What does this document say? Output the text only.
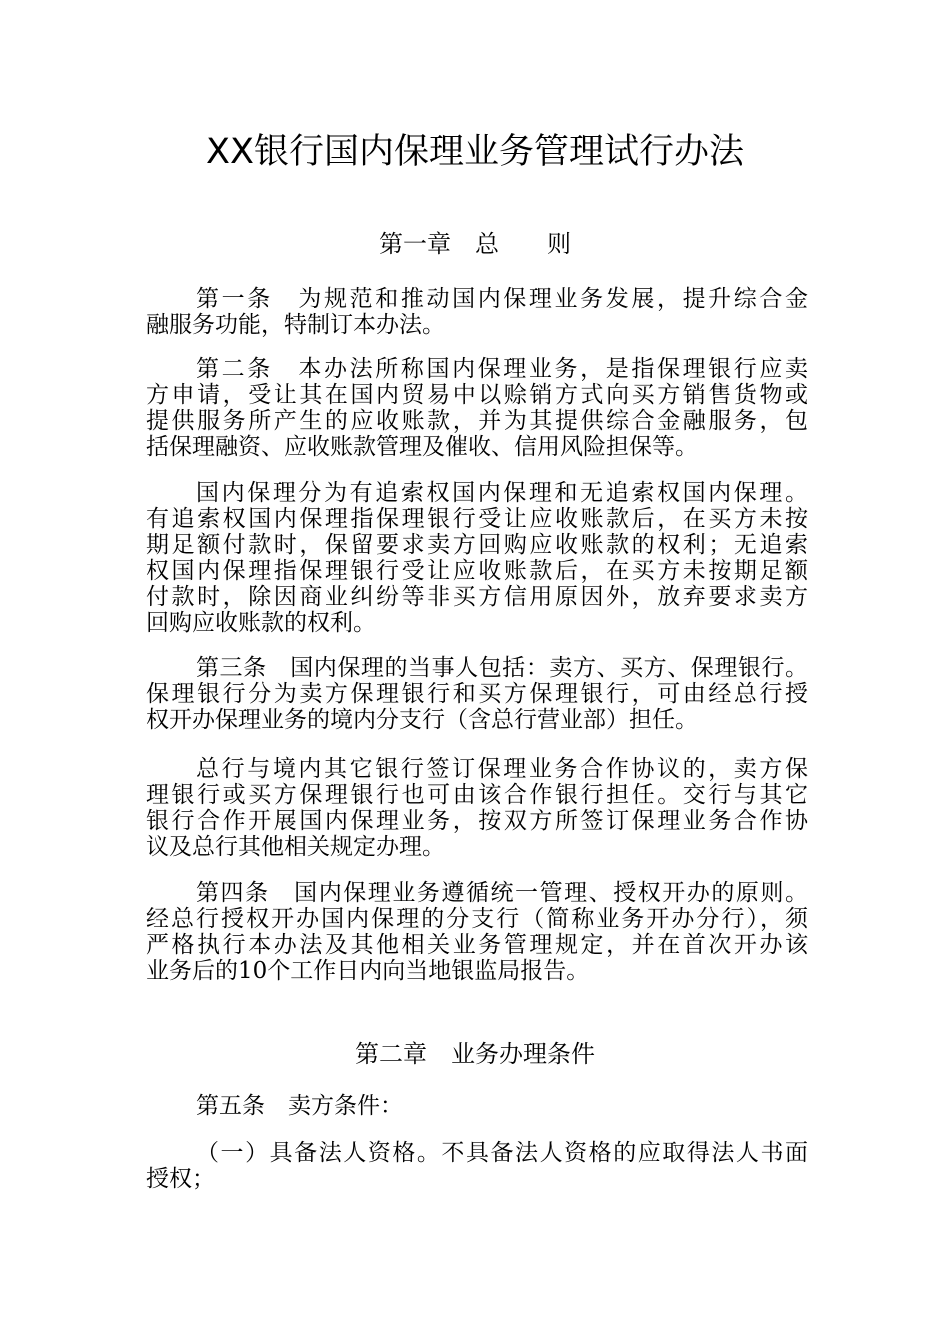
XX银行国内保理业务管理试行办法
第一章　总　　则
第一条　为规范和推动国内保理业务发展，提升综合金
融服务功能，特制订本办法。
第二条　本办法所称国内保理业务，是指保理银行应卖
方申请，受让其在国内贸易中以赊销方式向买方销售货物或
提供服务所产生的应收账款，并为其提供综合金融服务，包
括保理融资、应收账款管理及催收、信用风险担保等。
国内保理分为有追索权国内保理和无追索权国内保理。
有追索权国内保理指保理银行受让应收账款后，在买方未按
期足额付款时，保留要求卖方回购应收账款的权利；无追索
权国内保理指保理银行受让应收账款后，在买方未按期足额
付款时，除因商业纠纷等非买方信用原因外，放弃要求卖方
回购应收账款的权利。
第三条　国内保理的当事人包括：卖方、买方、保理银行。
保理银行分为卖方保理银行和买方保理银行，可由经总行授
权开办保理业务的境内分支行（含总行营业部）担任。
总行与境内其它银行签订保理业务合作协议的，卖方保
理银行或买方保理银行也可由该合作银行担任。交行与其它
银行合作开展国内保理业务，按双方所签订保理业务合作协
议及总行其他相关规定办理。
第四条　国内保理业务遵循统一管理、授权开办的原则。
经总行授权开办国内保理的分支行（简称业务开办分行），须
严格执行本办法及其他相关业务管理规定，并在首次开办该
业务后的10个工作日内向当地银监局报告。
第二章　业务办理条件
第五条　卖方条件：
（一）具备法人资格。不具备法人资格的应取得法人书面
授权；
